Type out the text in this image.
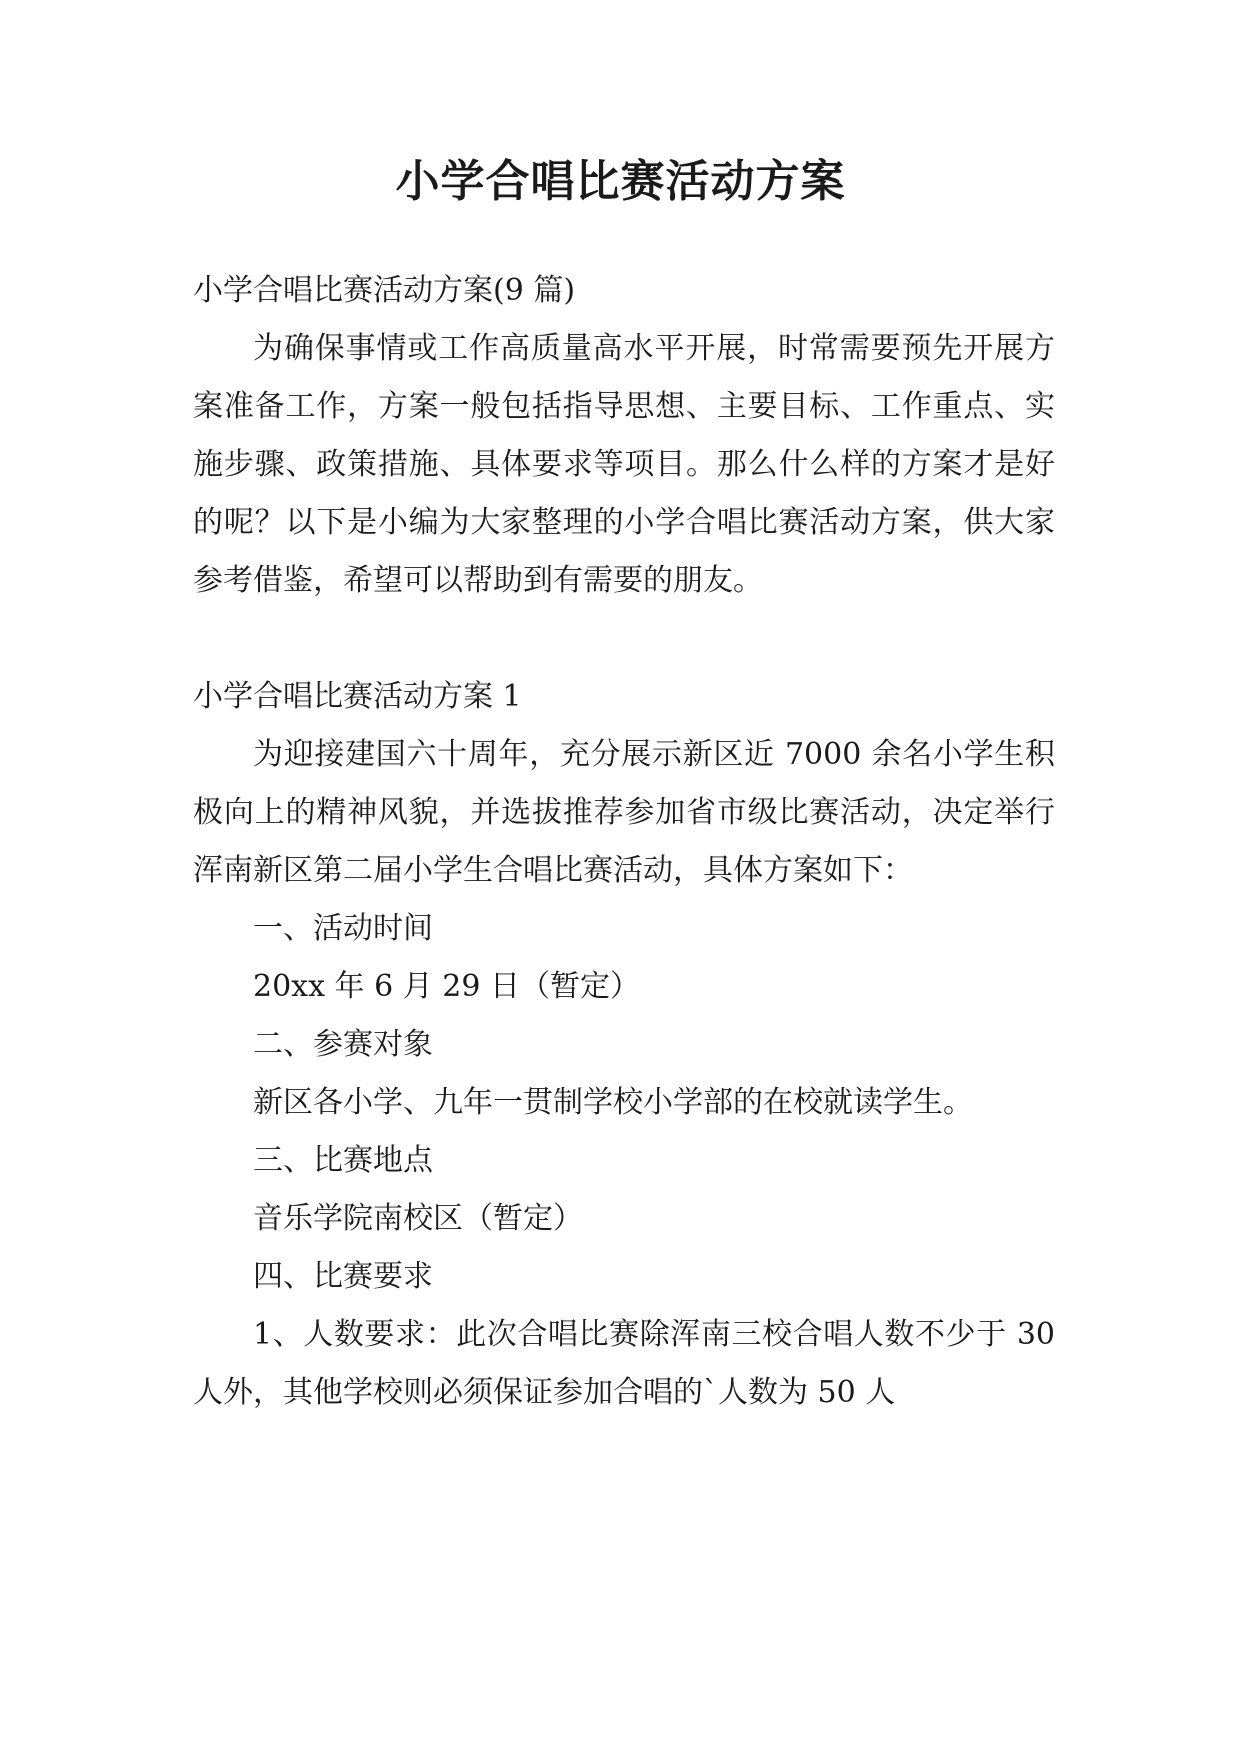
小学合唱比赛活动方案

小学合唱比赛活动方案(9 篇)

为确保事情或工作高质量高水平开展，时常需要预先开展方案准备工作，方案一般包括指导思想、主要目标、工作重点、实施步骤、政策措施、具体要求等项目。那么什么样的方案才是好的呢？以下是小编为大家整理的小学合唱比赛活动方案，供大家参考借鉴，希望可以帮助到有需要的朋友。

小学合唱比赛活动方案 1

为迎接建国六十周年，充分展示新区近 7000 余名小学生积极向上的精神风貌，并选拔推荐参加省市级比赛活动，决定举行浑南新区第二届小学生合唱比赛活动，具体方案如下：

一、活动时间

20xx 年 6 月 29 日（暂定）

二、参赛对象

新区各小学、九年一贯制学校小学部的在校就读学生。

三、比赛地点

音乐学院南校区（暂定）

四、比赛要求

1、人数要求：此次合唱比赛除浑南三校合唱人数不少于 30 人外，其他学校则必须保证参加合唱的`人数为 50 人
